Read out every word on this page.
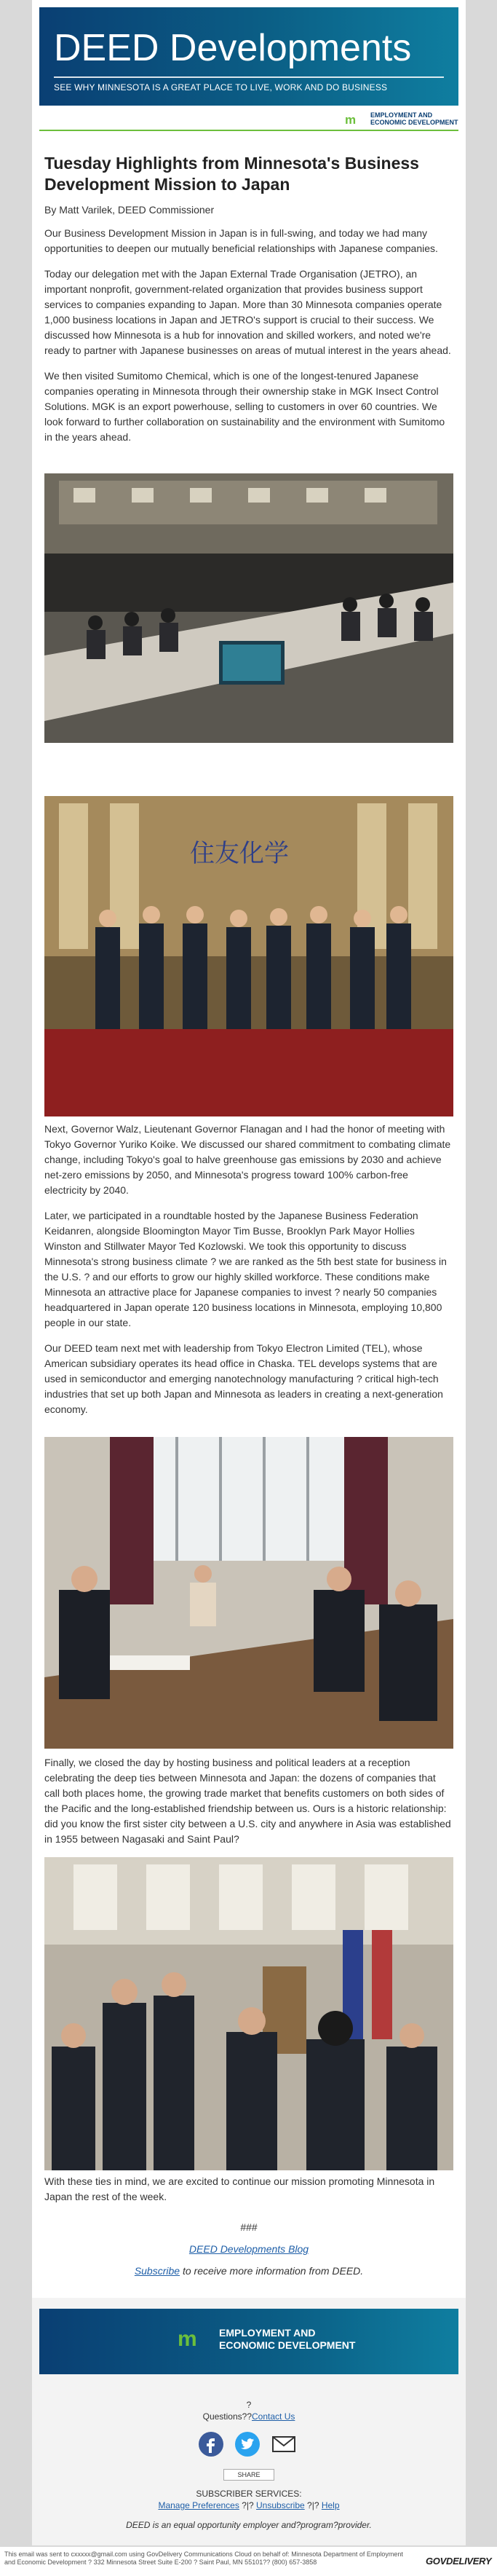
DEED Developments
SEE WHY MINNESOTA IS A GREAT PLACE TO LIVE, WORK AND DO BUSINESS
m EMPLOYMENT AND
ECONOMIC DEVELOPMENT
Tuesday Highlights from Minnesota's Business Development Mission to Japan
By Matt Varilek, DEED Commissioner

Our Business Development Mission in Japan is in full-swing, and today we had many opportunities to deepen our mutually beneficial relationships with Japanese companies.

Today our delegation met with the Japan External Trade Organisation (JETRO), an important nonprofit, government-related organization that provides business support services to companies expanding to Japan. More than 30 Minnesota companies operate 1,000 business locations in Japan and JETRO's support is crucial to their success. We discussed how Minnesota is a hub for innovation and skilled workers, and noted we're ready to partner with Japanese businesses on areas of mutual interest in the years ahead.

We then visited Sumitomo Chemical, which is one of the longest-tenured Japanese companies operating in Minnesota through their ownership stake in MGK Insect Control Solutions. MGK is an export powerhouse, selling to customers in over 60 countries. We look forward to further collaboration on sustainability and the environment with Sumitomo in the years ahead.

住友化学

Next, Governor Walz, Lieutenant Governor Flanagan and I had the honor of meeting with Tokyo Governor Yuriko Koike. We discussed our shared commitment to combating climate change, including Tokyo's goal to halve greenhouse gas emissions by 2030 and achieve net-zero emissions by 2050, and Minnesota's progress toward 100% carbon-free electricity by 2040.

Later, we participated in a roundtable hosted by the Japanese Business Federation Keidanren, alongside Bloomington Mayor Tim Busse, Brooklyn Park Mayor Hollies Winston and Stillwater Mayor Ted Kozlowski. We took this opportunity to discuss Minnesota's strong business climate ? we are ranked as the 5th best state for business in the U.S. ? and our efforts to grow our highly skilled workforce. These conditions make Minnesota an attractive place for Japanese companies to invest ? nearly 50 companies headquartered in Japan operate 120 business locations in Minnesota, employing 10,800 people in our state.

Our DEED team next met with leadership from Tokyo Electron Limited (TEL), whose American subsidiary operates its head office in Chaska. TEL develops systems that are used in semiconductor and emerging nanotechnology manufacturing ? critical high-tech industries that set up both Japan and Minnesota as leaders in creating a next-generation economy.

Finally, we closed the day by hosting business and political leaders at a reception celebrating the deep ties between Minnesota and Japan: the dozens of companies that call both places home, the growing trade market that benefits customers on both sides of the Pacific and the long-established friendship between us. Ours is a historic relationship: did you know the first sister city between a U.S. city and anywhere in Asia was established in 1955 between Nagasaki and Saint Paul?

With these ties in mind, we are excited to continue our mission promoting Minnesota in Japan the rest of the week.

###
DEED Developments Blog
Subscribe to receive more information from DEED.
m EMPLOYMENT AND
ECONOMIC DEVELOPMENT
?
Questions??Contact Us
SHARE
SUBSCRIBER SERVICES:
Manage Preferences ?|? Unsubscribe ?|? Help
DEED is an equal opportunity employer and?program?provider.
This email was sent to cxxxxx@gmail.com using GovDelivery Communications Cloud on behalf of: Minnesota Department of Employment and Economic Development ? 332 Minnesota Street Suite E-200 ? Saint Paul, MN 55101?? (800) 657-3858	GOVDELIVERY
